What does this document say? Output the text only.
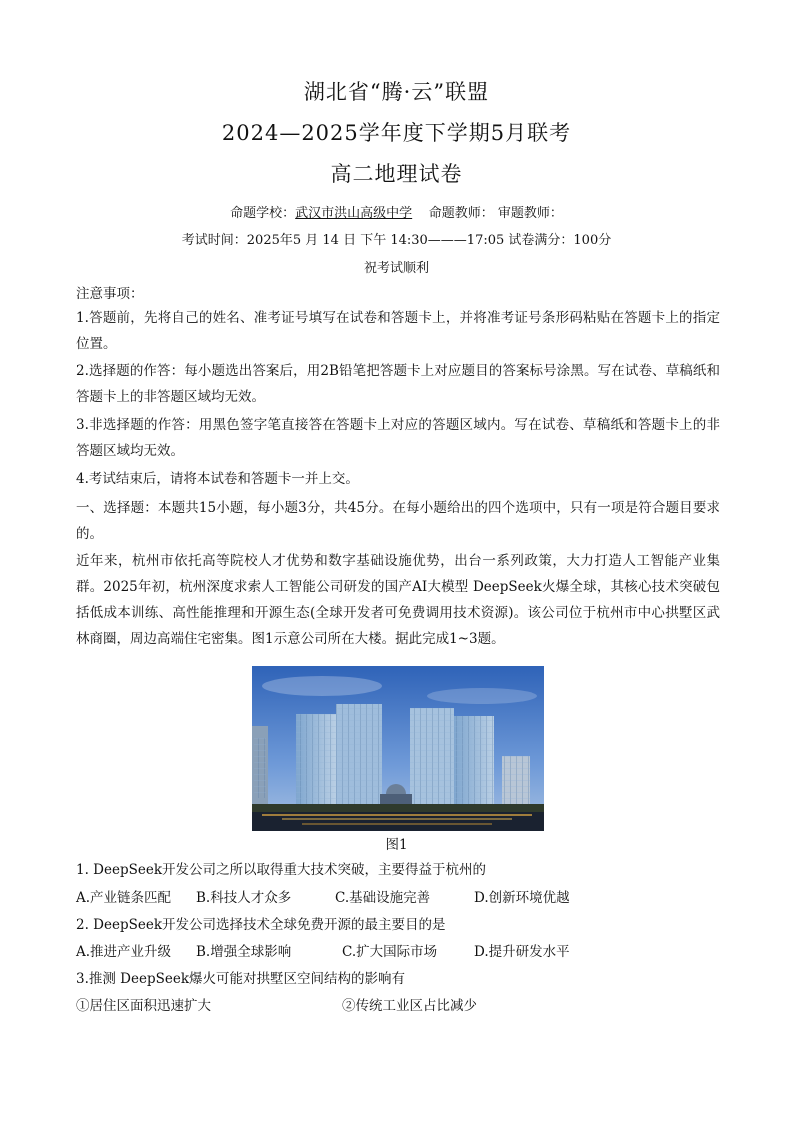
湖北省“腾·云”联盟
2024—2025学年度下学期5月联考
高二地理试卷
命题学校：武汉市洪山高级中学 命题教师： 审题教师：
考试时间：2025年5 月 14 日 下午 14:30———17:05 试卷满分：100分
祝考试顺利
注意事项：
1.答题前，先将自己的姓名、准考证号填写在试卷和答题卡上，并将准考证号条形码粘贴在答题卡上的指定位置。
2.选择题的作答：每小题选出答案后，用2B铅笔把答题卡上对应题目的答案标号涂黑。写在试卷、草稿纸和答题卡上的非答题区域均无效。
3.非选择题的作答：用黑色签字笔直接答在答题卡上对应的答题区域内。写在试卷、草稿纸和答题卡上的非答题区域均无效。
4.考试结束后，请将本试卷和答题卡一并上交。
一、选择题：本题共15小题，每小题3分，共45分。在每小题给出的四个选项中，只有一项是符合题目要求的。
近年来，杭州市依托高等院校人才优势和数字基础设施优势，出台一系列政策，大力打造人工智能产业集群。2025年初，杭州深度求索人工智能公司研发的国产AI大模型 DeepSeek火爆全球，其核心技术突破包括低成本训练、高性能推理和开源生态(全球开发者可免费调用技术资源)。该公司位于杭州市中心拱墅区武林商圈，周边高端住宅密集。图1示意公司所在大楼。据此完成1~3题。
图1
1. DeepSeek开发公司之所以取得重大技术突破，主要得益于杭州的
A.产业链条匹配 B.科技人才众多	C.基础设施完善	D.创新环境优越
2. DeepSeek开发公司选择技术全球免费开源的最主要目的是
A.推进产业升级 B.增强全球影响	C.扩大国际市场	D.提升研发水平
3.推测 DeepSeek爆火可能对拱墅区空间结构的影响有
①居住区面积迅速扩大	②传统工业区占比减少
